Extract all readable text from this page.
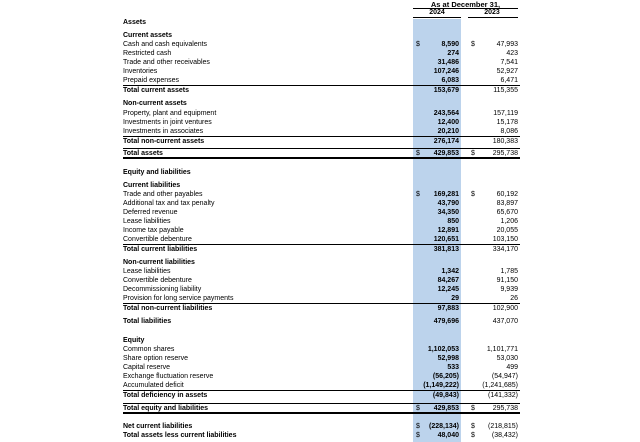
As at December 31,
2024	2023
Assets
Current assets
Cash and cash equivalents	$	8,590 $	47,993
Restricted cash	274	423
Trade and other receivables	31,486	7,541
Inventories	107,246	52,927
Prepaid expenses	6,083	6,471
Total current assets	153,679	115,355
Non-current assets
Property, plant and equipment	243,564	157,119
Investments in joint ventures	12,400	15,178
Investments in associates	20,210	8,086
Total non-current assets	276,174	180,383
Total assets	$ 429,853 $	295,738
Equity and liabilities
Current liabilities
Trade and other payables	$ 169,281 $	60,192
Additional tax and tax penalty	43,790	83,897
Deferred revenue	34,350	65,670
Lease liabilities	850	1,206
Income tax payable	12,891	20,055
Convertible debenture	120,651	103,150
Total current liabilities	381,813	334,170
Non-current liabilities
Lease liabilities	1,342	1,785
Convertible debenture	84,267	91,150
Decommissioning liability	12,245	9,939
Provision for long service payments	29	26
Total non-current liabilities	97,883	102,900
Total liabilities	479,696	437,070
Equity
Common shares	1,102,053	1,101,771
Share option reserve	52,998	53,030
Capital reserve	533	499
Exchange fluctuation reserve	(56,205)	(54,947)
Accumulated deficit	(1,149,222)	(1,241,685)
Total deficiency in assets	(49,843)	(141,332)
Total equity and liabilities	$ 429,853 $	295,738
Net current liabilities	$ (228,134) $ (218,815)
Total assets less current liabilities	$	48,040 $ (38,432)
